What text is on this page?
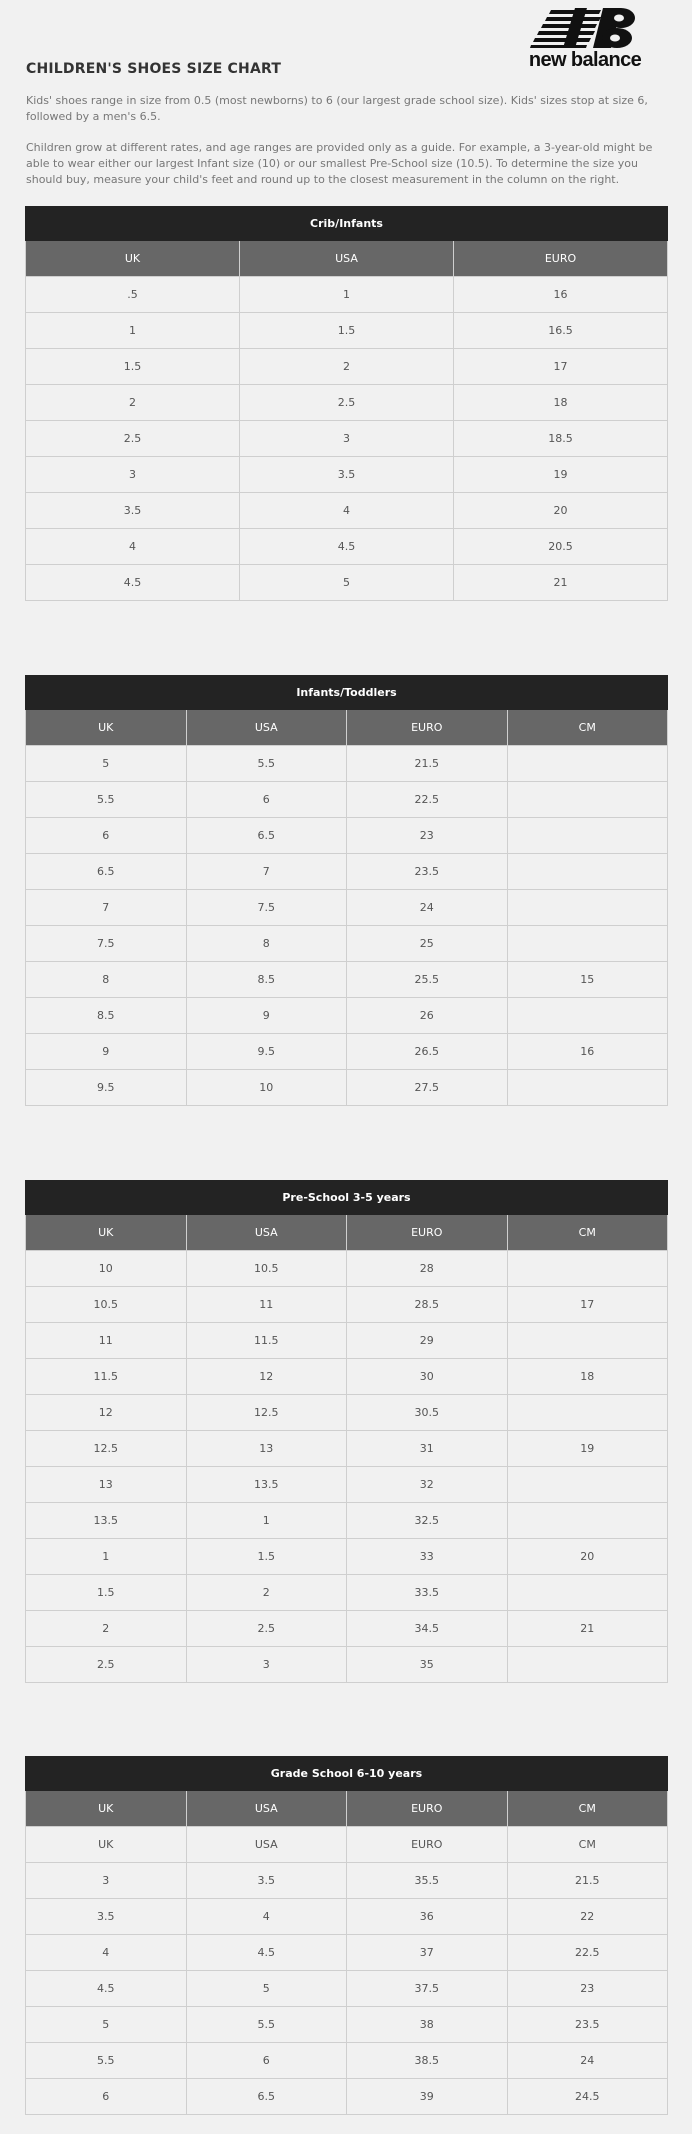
new balance
CHILDREN'S SHOES SIZE CHART

Kids' shoes range in size from 0.5 (most newborns) to 6 (our largest grade school size). Kids' sizes stop at size 6, followed by a men's 6.5.

Children grow at different rates, and age ranges are provided only as a guide. For example, a 3-year-old might be able to wear either our largest Infant size (10) or our smallest Pre-School size (10.5). To determine the size you should buy, measure your child's feet and round up to the closest measurement in the column on the right.

Crib/Infants		
UK	USA	EURO
.5	1	16
1	1.5	16.5
1.5	2	17
2	2.5	18
2.5	3	18.5
3	3.5	19
3.5	4	20
4	4.5	20.5
4.5	5	21
Infants/Toddlers			
UK	USA	EURO	CM
5	5.5	21.5	
5.5	6	22.5	
6	6.5	23	
6.5	7	23.5	
7	7.5	24	
7.5	8	25	
8	8.5	25.5	15
8.5	9	26	
9	9.5	26.5	16
9.5	10	27.5	
Pre-School 3-5 years			
UK	USA	EURO	CM
10	10.5	28	
10.5	11	28.5	17
11	11.5	29	
11.5	12	30	18
12	12.5	30.5	
12.5	13	31	19
13	13.5	32	
13.5	1	32.5	
1	1.5	33	20
1.5	2	33.5	
2	2.5	34.5	21
2.5	3	35	
Grade School 6-10 years			
UK	USA	EURO	CM
UK	USA	EURO	CM
3	3.5	35.5	21.5
3.5	4	36	22
4	4.5	37	22.5
4.5	5	37.5	23
5	5.5	38	23.5
5.5	6	38.5	24
6	6.5	39	24.5
